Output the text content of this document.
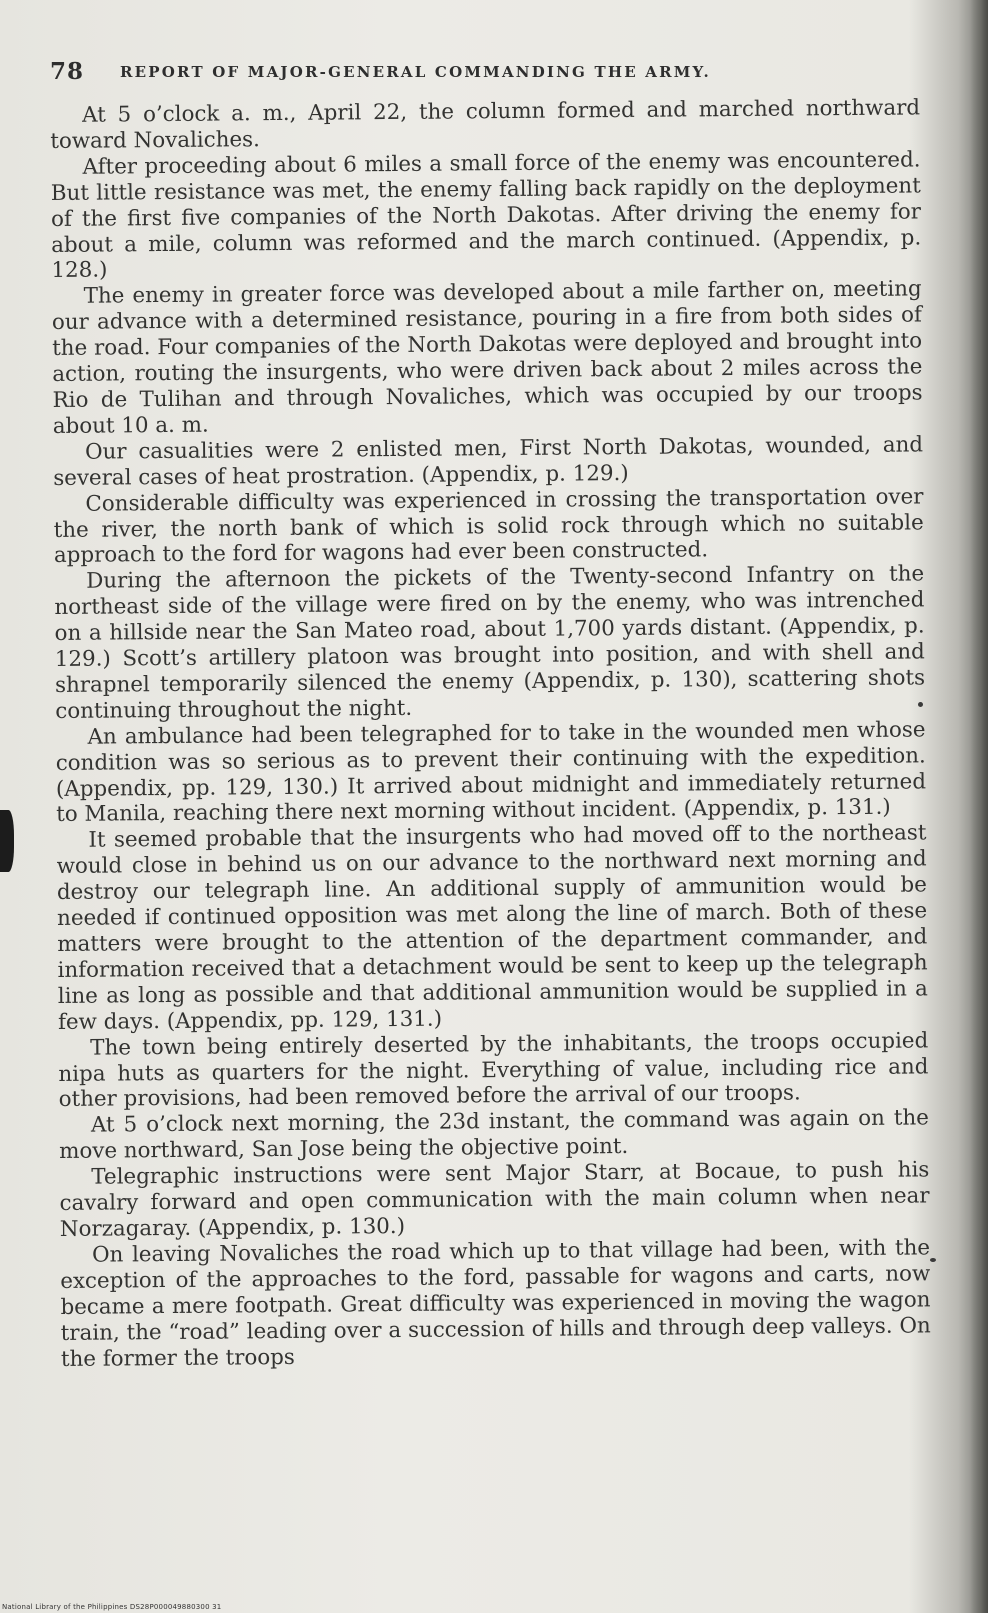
78 REPORT OF MAJOR-GENERAL COMMANDING THE ARMY.

At 5 o’clock a. m., April 22, the column formed and marched northward toward Novaliches.

After proceeding about 6 miles a small force of the enemy was encountered. But little resistance was met, the enemy falling back rapidly on the deployment of the first five companies of the North Dakotas. After driving the enemy for about a mile, column was reformed and the march continued. (Appendix, p. 128.)

The enemy in greater force was developed about a mile farther on, meeting our advance with a determined resistance, pouring in a fire from both sides of the road. Four companies of the North Dakotas were deployed and brought into action, routing the insurgents, who were driven back about 2 miles across the Rio de Tulihan and through Novaliches, which was occupied by our troops about 10 a. m.

Our casualities were 2 enlisted men, First North Dakotas, wounded, and several cases of heat prostration. (Appendix, p. 129.)

Considerable difficulty was experienced in crossing the transportation over the river, the north bank of which is solid rock through which no suitable approach to the ford for wagons had ever been constructed.

During the afternoon the pickets of the Twenty-second Infantry on the northeast side of the village were fired on by the enemy, who was intrenched on a hillside near the San Mateo road, about 1,700 yards distant. (Appendix, p. 129.) Scott’s artillery platoon was brought into position, and with shell and shrapnel temporarily silenced the enemy (Appendix, p. 130), scattering shots continuing throughout the night.

An ambulance had been telegraphed for to take in the wounded men whose condition was so serious as to prevent their continuing with the expedition. (Appendix, pp. 129, 130.) It arrived about midnight and immediately returned to Manila, reaching there next morning without incident. (Appendix, p. 131.)

It seemed probable that the insurgents who had moved off to the northeast would close in behind us on our advance to the northward next morning and destroy our telegraph line. An additional supply of ammunition would be needed if continued opposition was met along the line of march. Both of these matters were brought to the attention of the department commander, and information received that a detachment would be sent to keep up the telegraph line as long as possible and that additional ammunition would be supplied in a few days. (Appendix, pp. 129, 131.)

The town being entirely deserted by the inhabitants, the troops occupied nipa huts as quarters for the night. Everything of value, including rice and other provisions, had been removed before the arrival of our troops.

At 5 o’clock next morning, the 23d instant, the command was again on the move northward, San Jose being the objective point.

Telegraphic instructions were sent Major Starr, at Bocaue, to push his cavalry forward and open communication with the main column when near Norzagaray. (Appendix, p. 130.)

On leaving Novaliches the road which up to that village had been, with the exception of the approaches to the ford, passable for wagons and carts, now became a mere footpath. Great difficulty was experienced in moving the wagon train, the “road” leading over a succession of hills and through deep valleys. On the former the troops

National Library of the Philippines DS28P000049880300 31
